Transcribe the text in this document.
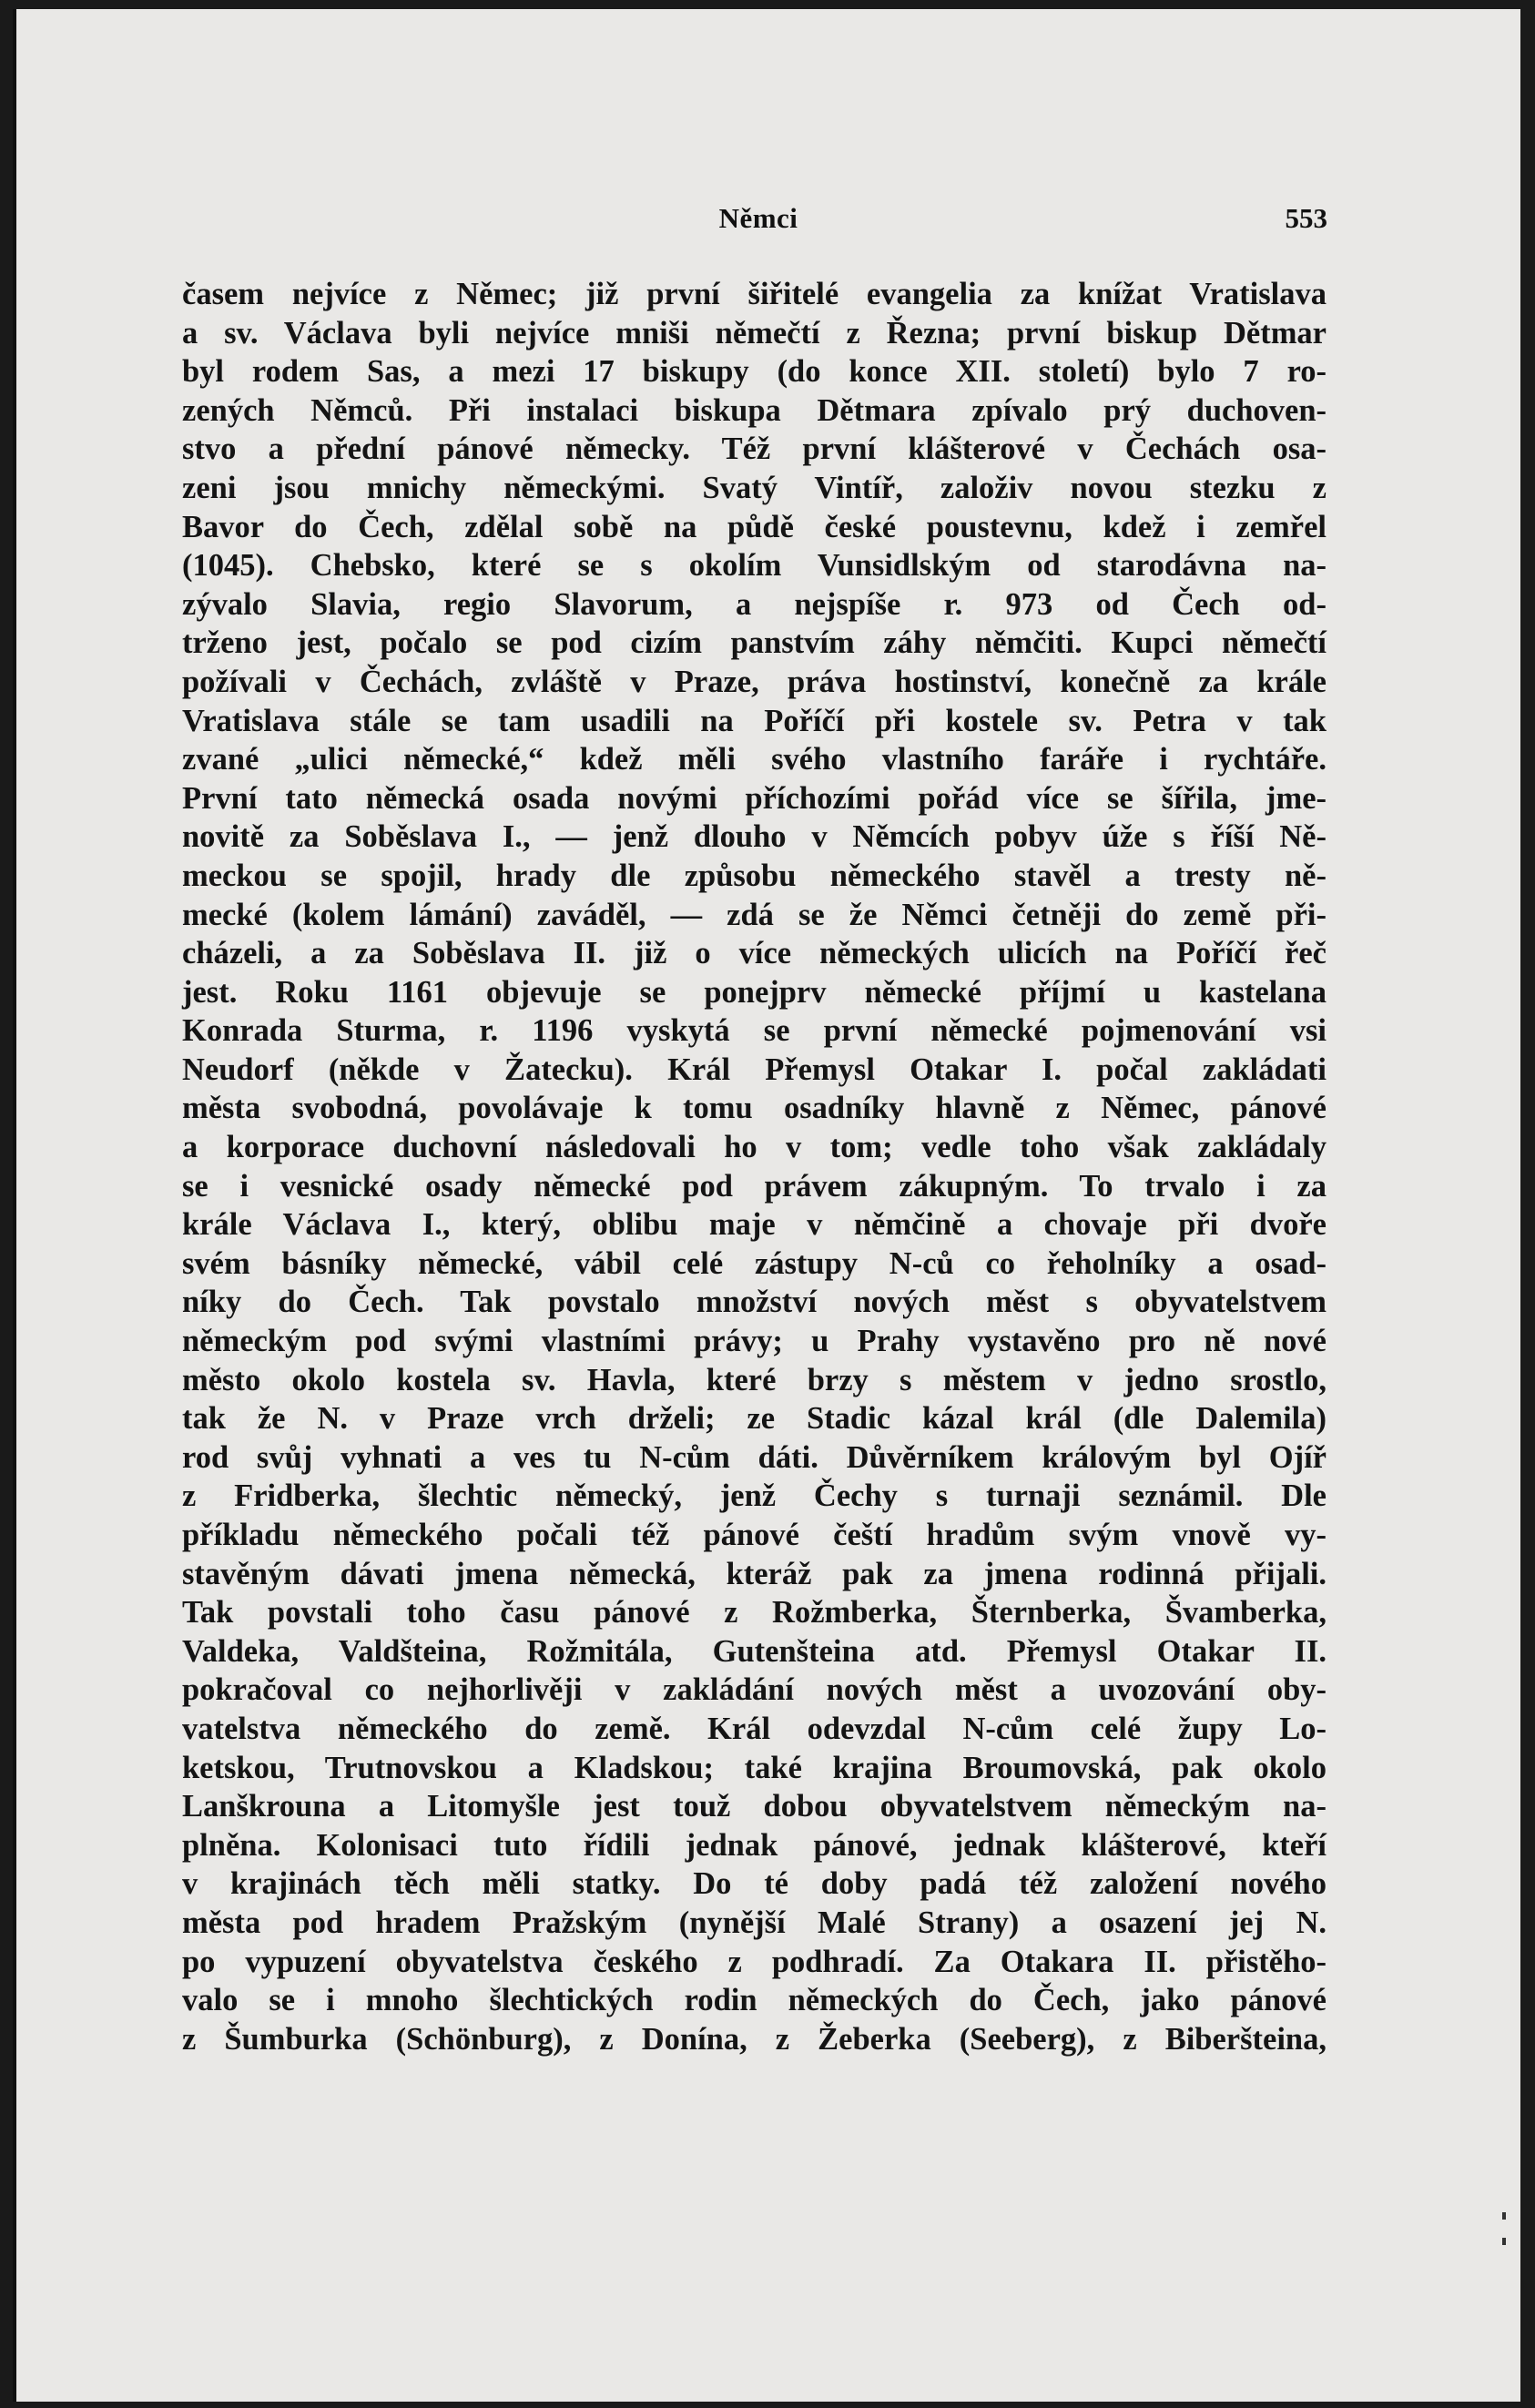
Němci	553
časem nejvíce z Němec; již první šiřitelé evangelia za knížat Vratislava
a sv. Václava byli nejvíce mniši němečtí z Řezna; první biskup Dětmar
byl rodem Sas, a mezi 17 biskupy (do konce XII. století) bylo 7 ro-
zených Němců. Při instalaci biskupa Dětmara zpívalo prý duchoven-
stvo a přední pánové německy. Též první klášterové v Čechách osa-
zeni jsou mnichy německými. Svatý Vintíř, založiv novou stezku z
Bavor do Čech, zdělal sobě na půdě české poustevnu, kdež i zemřel
(1045). Chebsko, které se s okolím Vunsidlským od starodávna na-
zývalo Slavia, regio Slavorum, a nejspíše r. 973 od Čech od-
trženo jest, počalo se pod cizím panstvím záhy němčiti. Kupci němečtí
požívali v Čechách, zvláště v Praze, práva hostinství, konečně za krále
Vratislava stále se tam usadili na Poříčí při kostele sv. Petra v tak
zvané „ulici německé,“ kdež měli svého vlastního faráře i rychtáře.
První tato německá osada novými příchozími pořád více se šířila, jme-
novitě za Soběslava I., — jenž dlouho v Němcích pobyv úže s říší Ně-
meckou se spojil, hrady dle způsobu německého stavěl a tresty ně-
mecké (kolem lámání) zaváděl, — zdá se že Němci četněji do země při-
cházeli, a za Soběslava II. již o více německých ulicích na Poříčí řeč
jest. Roku 1161 objevuje se ponejprv německé příjmí u kastelana
Konrada Sturma, r. 1196 vyskytá se první německé pojmenování vsi
Neudorf (někde v Žatecku). Král Přemysl Otakar I. počal zakládati
města svobodná, povolávaje k tomu osadníky hlavně z Němec, pánové
a korporace duchovní následovali ho v tom; vedle toho však zakládaly
se i vesnické osady německé pod právem zákupným. To trvalo i za
krále Václava I., který, oblibu maje v němčině a chovaje při dvoře
svém básníky německé, vábil celé zástupy N-ců co řeholníky a osad-
níky do Čech. Tak povstalo množství nových měst s obyvatelstvem
německým pod svými vlastními právy; u Prahy vystavěno pro ně nové
město okolo kostela sv. Havla, které brzy s městem v jedno srostlo,
tak že N. v Praze vrch drželi; ze Stadic kázal král (dle Dalemila)
rod svůj vyhnati a ves tu N-cům dáti. Důvěrníkem královým byl Ojíř
z Fridberka, šlechtic německý, jenž Čechy s turnaji seznámil. Dle
příkladu německého počali též pánové čeští hradům svým vnově vy-
stavěným dávati jmena německá, kteráž pak za jmena rodinná přijali.
Tak povstali toho času pánové z Rožmberka, Šternberka, Švamberka,
Valdeka, Valdšteina, Rožmitála, Gutenšteina atd. Přemysl Otakar II.
pokračoval co nejhorlivěji v zakládání nových měst a uvozování oby-
vatelstva německého do země. Král odevzdal N-cům celé župy Lo-
ketskou, Trutnovskou a Kladskou; také krajina Broumovská, pak okolo
Lanškrouna a Litomyšle jest touž dobou obyvatelstvem německým na-
plněna. Kolonisaci tuto řídili jednak pánové, jednak klášterové, kteří
v krajinách těch měli statky. Do té doby padá též založení nového
města pod hradem Pražským (nynější Malé Strany) a osazení jej N.
po vypuzení obyvatelstva českého z podhradí. Za Otakara II. přistěho-
valo se i mnoho šlechtických rodin německých do Čech, jako pánové
z Šumburka (Schönburg), z Donína, z Žeberka (Seeberg), z Biberšteina,
